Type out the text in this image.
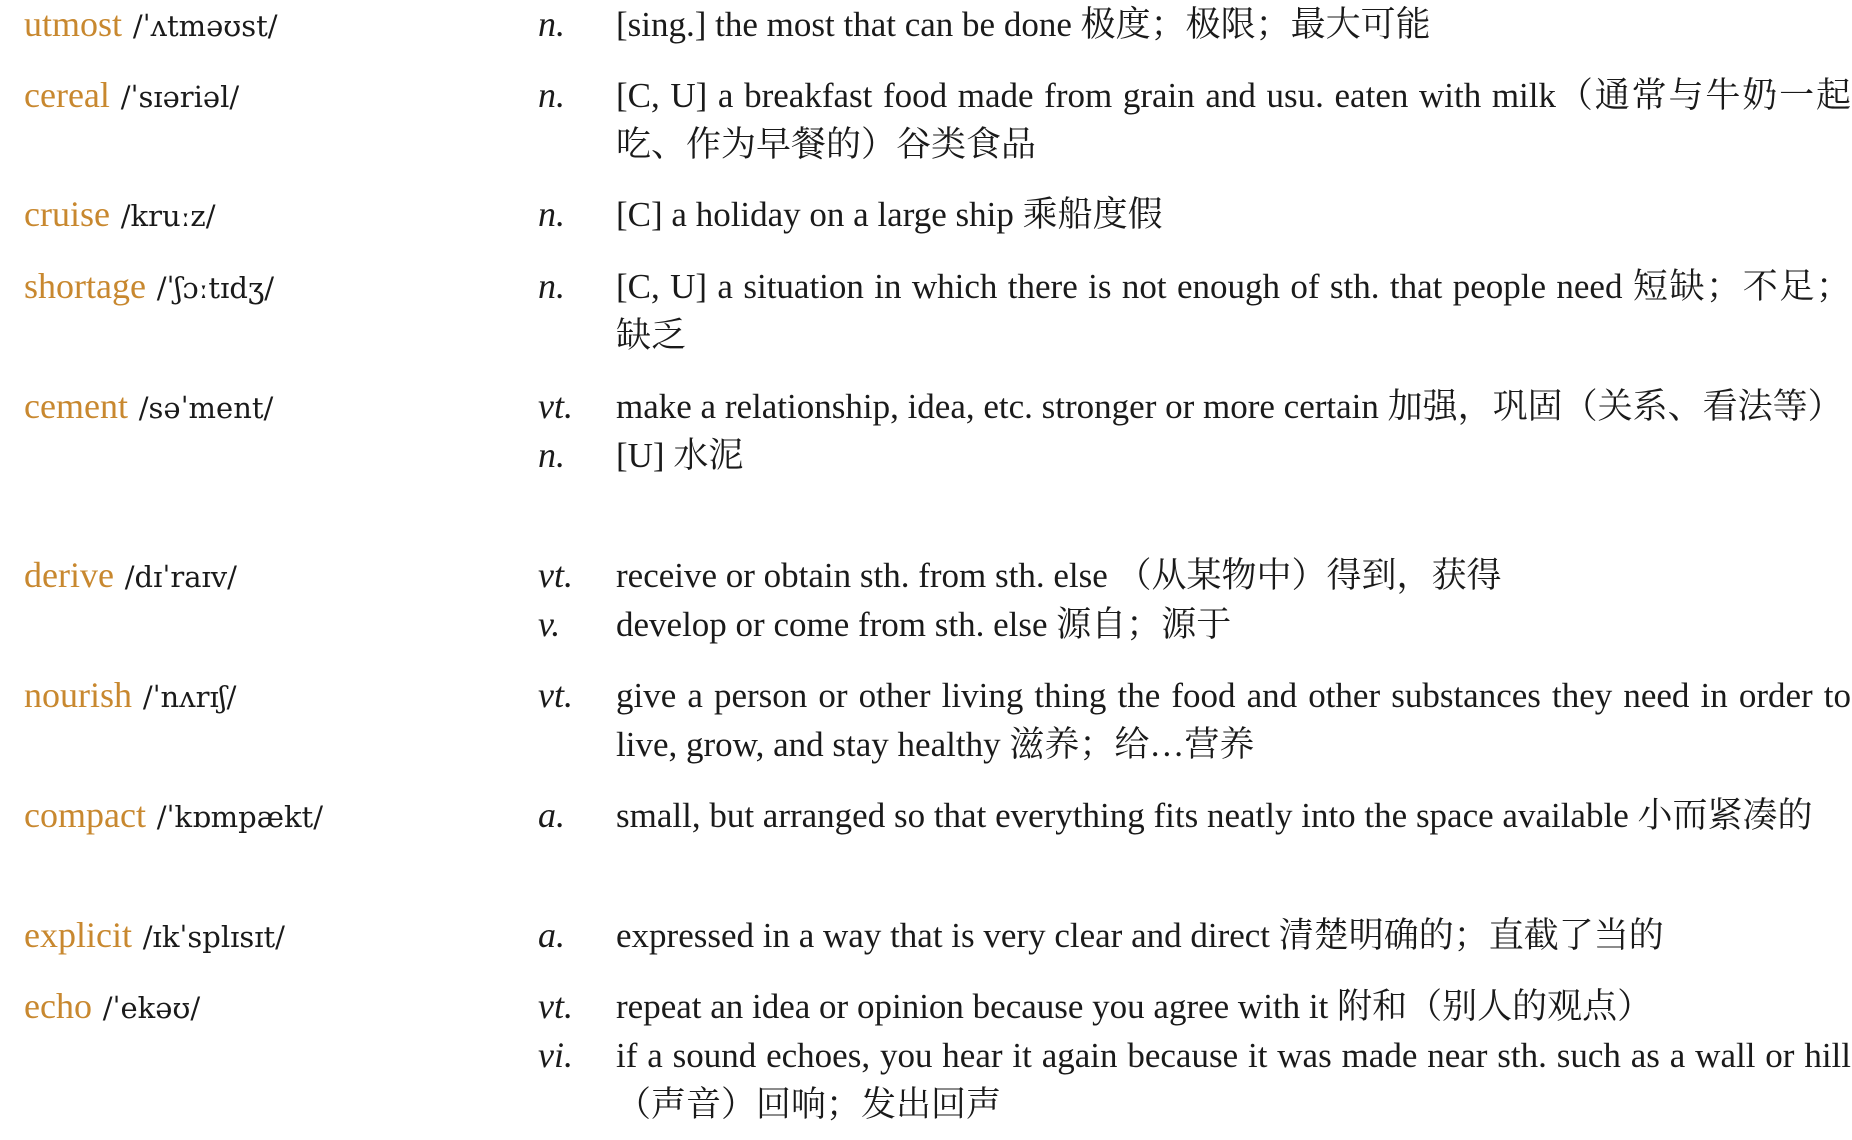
utmost /ˈʌtməʊst/	n. [sing.] the most that can be done 极度；极限；最大可能
cereal /ˈsɪəriəl/	n. [C, U] a breakfast food made from grain and usu. eaten with milk（通常与牛奶一起吃、作为早餐的）谷类食品
cruise /kruːz/	n. [C] a holiday on a large ship 乘船度假
shortage /ˈʃɔːtɪdʒ/	n. [C, U] a situation in which there is not enough of sth. that people need 短缺；不足；缺乏
cement /səˈment/	vt. make a relationship, idea, etc. stronger or more certain 加强，巩固（关系、看法等）
n. [U] 水泥
derive /dɪˈraɪv/	vt. receive or obtain sth. from sth. else （从某物中）得到，获得
v. develop or come from sth. else 源自；源于
nourish /ˈnʌrɪʃ/	vt. give a person or other living thing the food and other substances they need in order to live, grow, and stay healthy 滋养；给…营养
compact /ˈkɒmpækt/	a. small, but arranged so that everything fits neatly into the space available 小而紧凑的
explicit /ɪkˈsplɪsɪt/	a. expressed in a way that is very clear and direct 清楚明确的；直截了当的
echo /ˈekəʊ/	vt. repeat an idea or opinion because you agree with it 附和（别人的观点）
vi. if a sound echoes, you hear it again because it was made near sth. such as a wall or hill （声音）回响；发出回声
